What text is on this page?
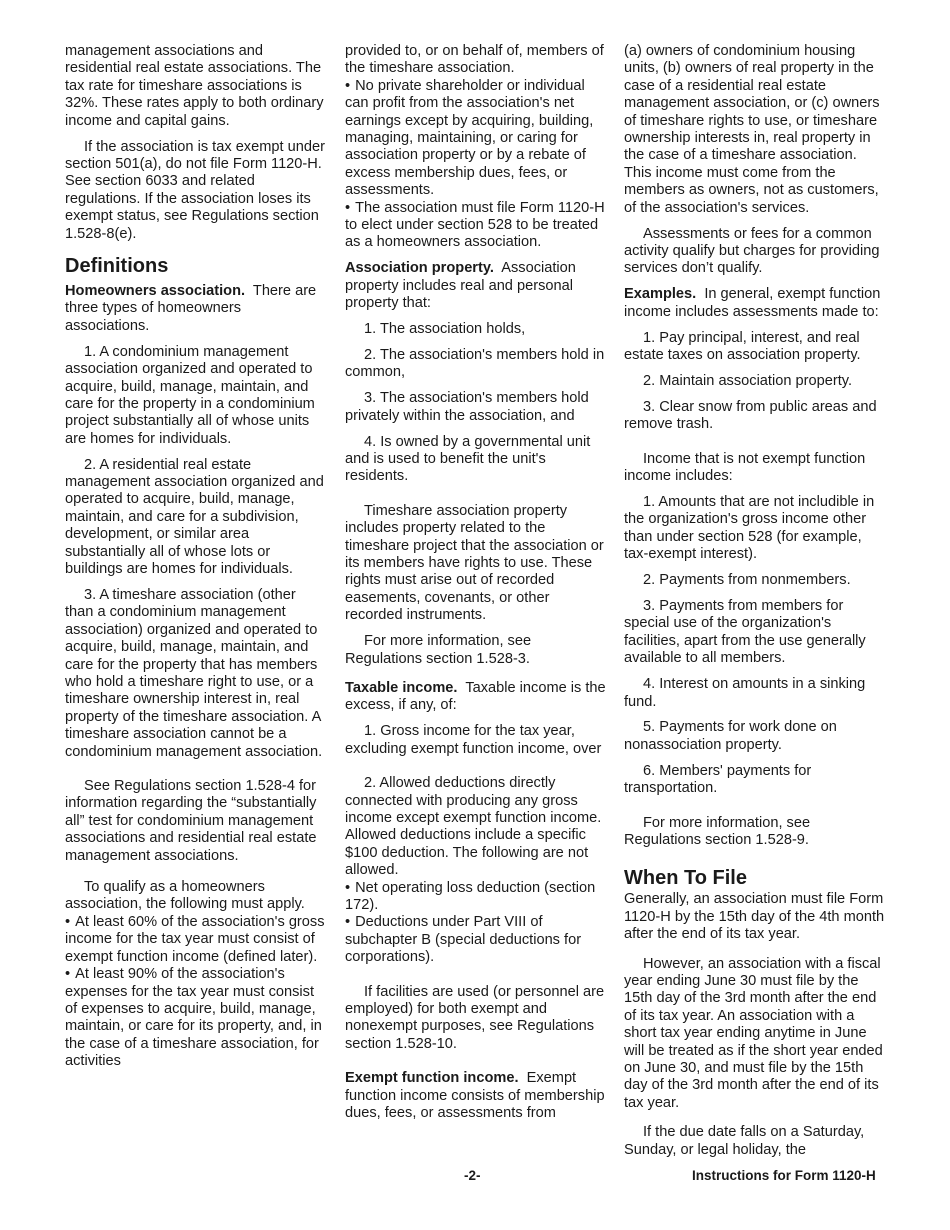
management associations and residential real estate associations. The tax rate for timeshare associations is 32%. These rates apply to both ordinary income and capital gains.

If the association is tax exempt under section 501(a), do not file Form 1120-H. See section 6033 and related regulations. If the association loses its exempt status, see Regulations section 1.528-8(e).

Definitions

Homeowners association. There are three types of homeowners associations.

1. A condominium management association organized and operated to acquire, build, manage, maintain, and care for the property in a condominium project substantially all of whose units are homes for individuals.

2. A residential real estate management association organized and operated to acquire, build, manage, maintain, and care for a subdivision, development, or similar area substantially all of whose lots or buildings are homes for individuals.

3. A timeshare association (other than a condominium management association) organized and operated to acquire, build, manage, maintain, and care for the property that has members who hold a timeshare right to use, or a timeshare ownership interest in, real property of the timeshare association. A timeshare association cannot be a condominium management association.

See Regulations section 1.528-4 for information regarding the “substantially all” test for condominium management associations and residential real estate management associations.

To qualify as a homeowners association, the following must apply.

• At least 60% of the association's gross income for the tax year must consist of exempt function income (defined later).

• At least 90% of the association's expenses for the tax year must consist of expenses to acquire, build, manage, maintain, or care for its property, and, in the case of a timeshare association, for activities

provided to, or on behalf of, members of the timeshare association.

• No private shareholder or individual can profit from the association's net earnings except by acquiring, building, managing, maintaining, or caring for association property or by a rebate of excess membership dues, fees, or assessments.

• The association must file Form 1120-H to elect under section 528 to be treated as a homeowners association.

Association property. Association property includes real and personal property that:

1. The association holds,

2. The association's members hold in common,

3. The association's members hold privately within the association, and

4. Is owned by a governmental unit and is used to benefit the unit's residents.

Timeshare association property includes property related to the timeshare project that the association or its members have rights to use. These rights must arise out of recorded easements, covenants, or other recorded instruments.

For more information, see Regulations section 1.528-3.

Taxable income. Taxable income is the excess, if any, of:

1. Gross income for the tax year, excluding exempt function income, over

2. Allowed deductions directly connected with producing any gross income except exempt function income. Allowed deductions include a specific $100 deduction. The following are not allowed.

• Net operating loss deduction (section 172).

• Deductions under Part VIII of subchapter B (special deductions for corporations).

If facilities are used (or personnel are employed) for both exempt and nonexempt purposes, see Regulations section 1.528-10.

Exempt function income. Exempt function income consists of membership dues, fees, or assessments from

(a) owners of condominium housing units, (b) owners of real property in the case of a residential real estate management association, or (c) owners of timeshare rights to use, or timeshare ownership interests in, real property in the case of a timeshare association. This income must come from the members as owners, not as customers, of the association's services.

Assessments or fees for a common activity qualify but charges for providing services don’t qualify.

Examples. In general, exempt function income includes assessments made to:

1. Pay principal, interest, and real estate taxes on association property.

2. Maintain association property.

3. Clear snow from public areas and remove trash.

Income that is not exempt function income includes:

1. Amounts that are not includible in the organization's gross income other than under section 528 (for example, tax-exempt interest).

2. Payments from nonmembers.

3. Payments from members for special use of the organization's facilities, apart from the use generally available to all members.

4. Interest on amounts in a sinking fund.

5. Payments for work done on nonassociation property.

6. Members' payments for transportation.

For more information, see Regulations section 1.528-9.

When To File

Generally, an association must file Form 1120-H by the 15th day of the 4th month after the end of its tax year.

However, an association with a fiscal year ending June 30 must file by the 15th day of the 3rd month after the end of its tax year. An association with a short tax year ending anytime in June will be treated as if the short year ended on June 30, and must file by the 15th day of the 3rd month after the end of its tax year.

If the due date falls on a Saturday, Sunday, or legal holiday, the

-2-	Instructions for Form 1120-H
